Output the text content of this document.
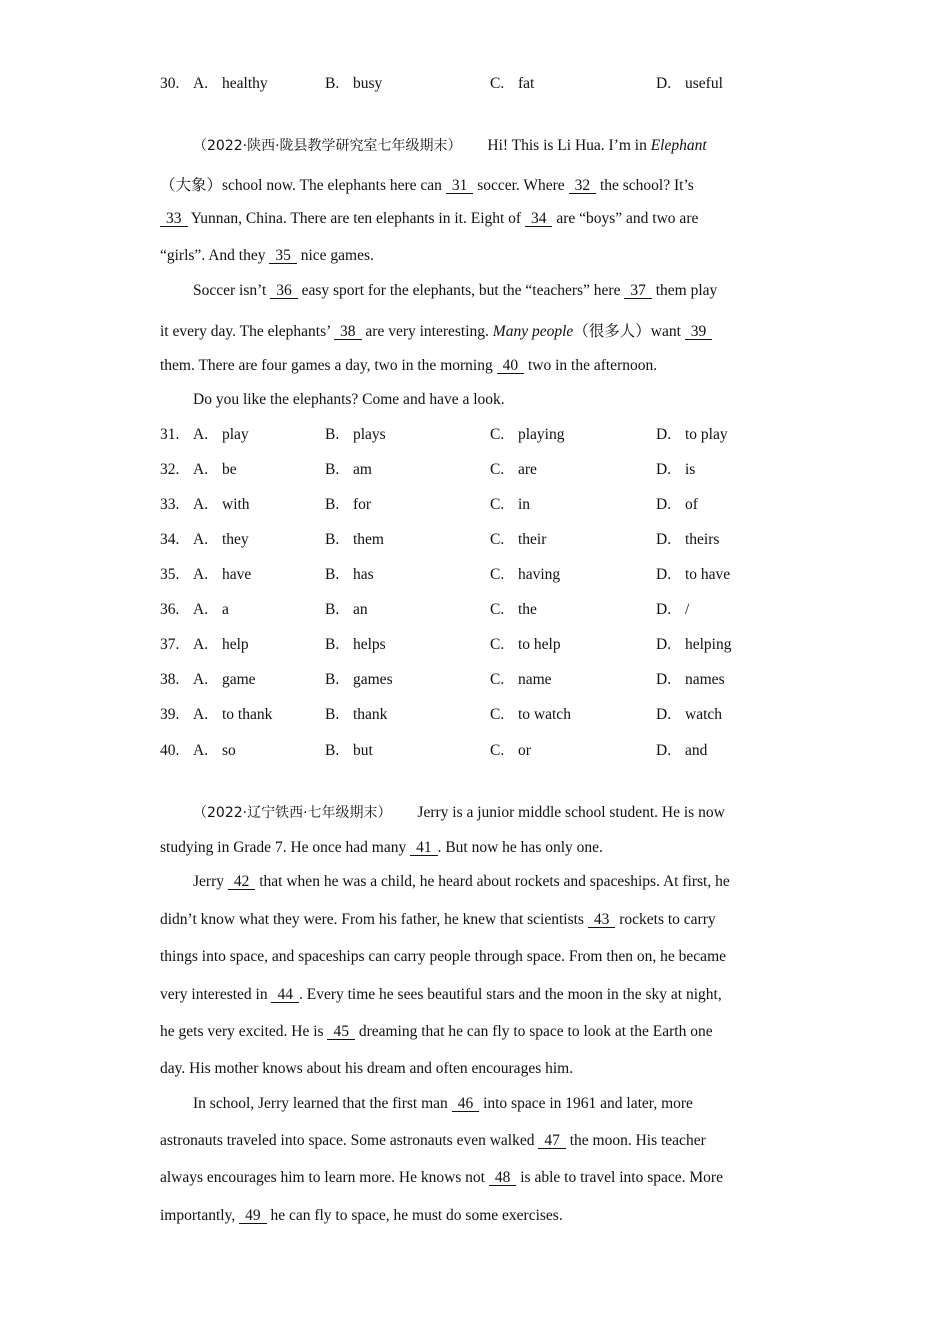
30. A. healthy	B. busy	C. fat	D. useful
（2022·陕西·陇县教学研究室七年级期末） Hi! This is Li Hua. I’m in Elephant
（大象）school now. The elephants here can 31 soccer. Where 32 the school? It’s
33 Yunnan, China. There are ten elephants in it. Eight of 34 are “boys” and two are
“girls”. And they 35 nice games.
Soccer isn’t 36 easy sport for the elephants, but the “teachers” here 37 them play
it every day. The elephants’ 38 are very interesting. Many people（很多人）want 39
them. There are four games a day, two in the morning 40 two in the afternoon.
Do you like the elephants? Come and have a look.
31. A. play	B. plays	C. playing	D. to play
32. A. be	B. am	C. are	D. is
33. A. with	B. for	C. in	D. of
34. A. they	B. them	C. their	D. theirs
35. A. have	B. has	C. having	D. to have
36. A. a	B. an	C. the	D. /
37. A. help	B. helps	C. to help	D. helping
38. A. game	B. games	C. name	D. names
39. A. to thank	B. thank	C. to watch	D. watch
40. A. so	B. but	C. or	D. and
（2022·辽宁铁西·七年级期末） Jerry is a junior middle school student. He is now
studying in Grade 7. He once had many 41 . But now he has only one.
Jerry 42 that when he was a child, he heard about rockets and spaceships. At first, he
didn’t know what they were. From his father, he knew that scientists 43 rockets to carry
things into space, and spaceships can carry people through space. From then on, he became
very interested in 44 . Every time he sees beautiful stars and the moon in the sky at night,
he gets very excited. He is 45 dreaming that he can fly to space to look at the Earth one
day. His mother knows about his dream and often encourages him.
In school, Jerry learned that the first man 46 into space in 1961 and later, more
astronauts traveled into space. Some astronauts even walked 47 the moon. His teacher
always encourages him to learn more. He knows not 48 is able to travel into space. More
importantly, 49 he can fly to space, he must do some exercises.
